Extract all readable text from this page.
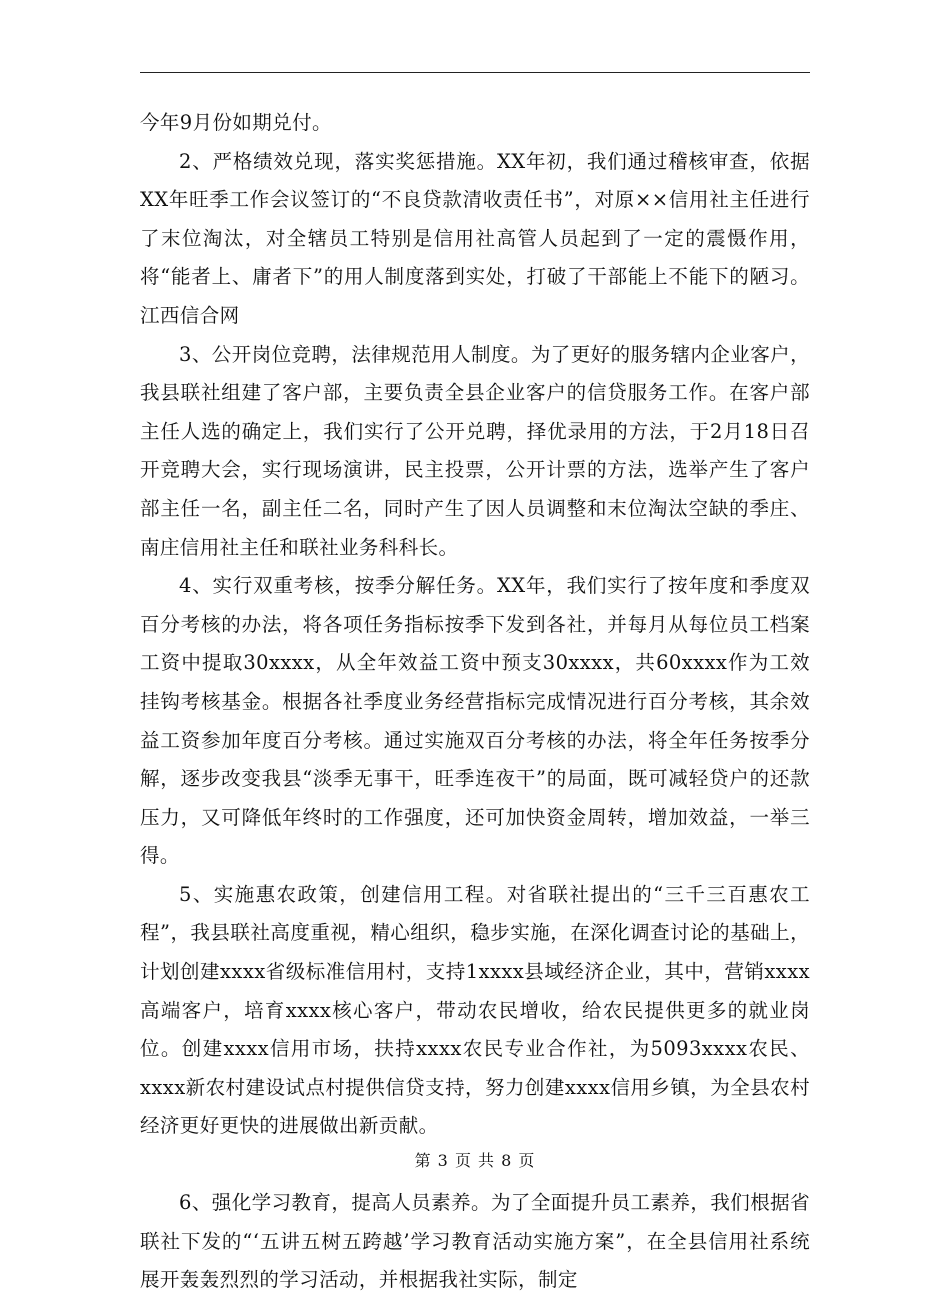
今年9月份如期兑付。

2、严格绩效兑现，落实奖惩措施。XX年初，我们通过稽核审查，依据XX年旺季工作会议签订的“不良贷款清收责任书”，对原××信用社主任进行了末位淘汰，对全辖员工特别是信用社高管人员起到了一定的震慑作用，将“能者上、庸者下”的用人制度落到实处，打破了干部能上不能下的陋习。 江西信合网

3、公开岗位竞聘，法律规范用人制度。为了更好的服务辖内企业客户，我县联社组建了客户部，主要负责全县企业客户的信贷服务工作。在客户部主任人选的确定上，我们实行了公开兑聘，择优录用的方法，于2月18日召开竞聘大会，实行现场演讲，民主投票，公开计票的方法，选举产生了客户部主任一名，副主任二名，同时产生了因人员调整和末位淘汰空缺的季庄、南庄信用社主任和联社业务科科长。

4、实行双重考核，按季分解任务。XX年，我们实行了按年度和季度双百分考核的办法，将各项任务指标按季下发到各社，并每月从每位员工档案工资中提取30xxxx，从全年效益工资中预支30xxxx，共60xxxx作为工效挂钩考核基金。根据各社季度业务经营指标完成情况进行百分考核，其余效益工资参加年度百分考核。通过实施双百分考核的办法，将全年任务按季分解，逐步改变我县“淡季无事干，旺季连夜干”的局面，既可减轻贷户的还款压力，又可降低年终时的工作强度，还可加快资金周转，增加效益，一举三得。

5、实施惠农政策，创建信用工程。对省联社提出的“三千三百惠农工程”，我县联社高度重视，精心组织，稳步实施，在深化调查讨论的基础上，计划创建xxxx省级标准信用村，支持1xxxx县域经济企业，其中，营销xxxx高端客户，培育xxxx核心客户，带动农民增收，给农民提供更多的就业岗位。创建xxxx信用市场，扶持xxxx农民专业合作社，为5093xxxx农民、xxxx新农村建设试点村提供信贷支持，努力创建xxxx信用乡镇，为全县农村经济更好更快的进展做出新贡献。

6、强化学习教育，提高人员素养。为了全面提升员工素养，我们根据省联社下发的“‘五讲五树五跨越’学习教育活动实施方案”，在全县信用社系统展开轰轰烈烈的学习活动，并根据我社实际，制定

第 3 页 共 8 页
